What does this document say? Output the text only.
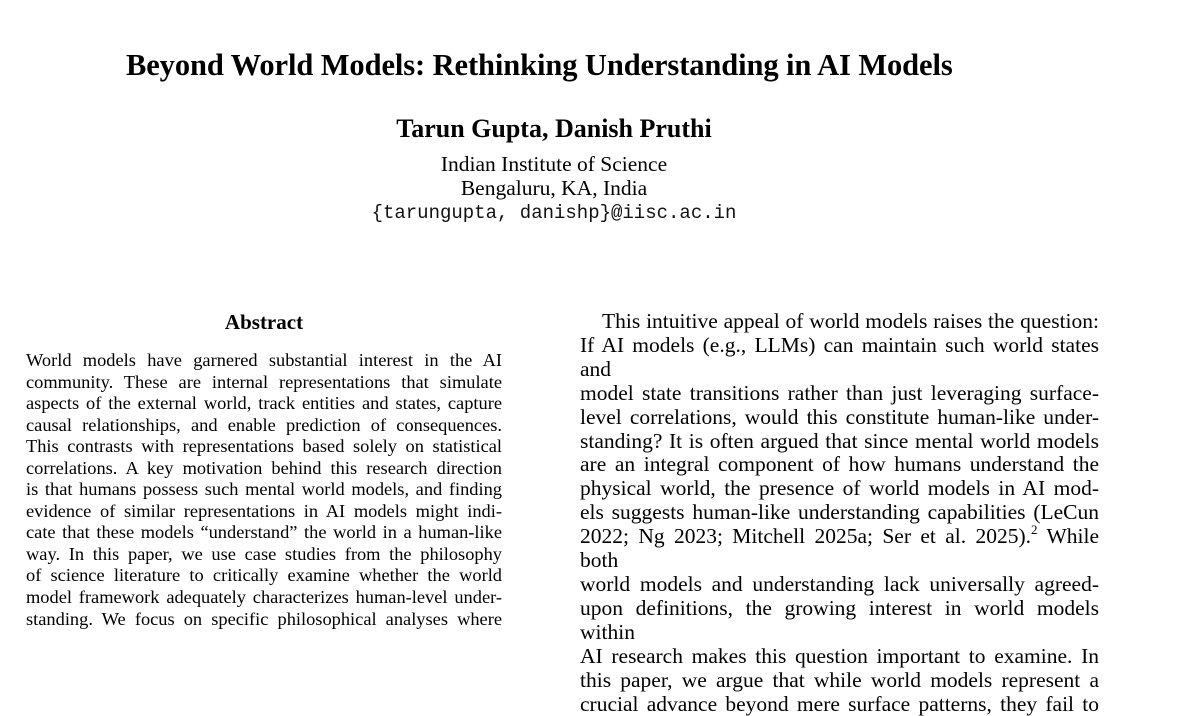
Beyond World Models: Rethinking Understanding in AI Models

Tarun Gupta, Danish Pruthi

Indian Institute of Science

Bengaluru, KA, India

{tarungupta, danishp}@iisc.ac.in

Abstract
World models have garnered substantial interest in the AI
community. These are internal representations that simulate
aspects of the external world, track entities and states, capture
causal relationships, and enable prediction of consequences.
This contrasts with representations based solely on statistical
correlations. A key motivation behind this research direction
is that humans possess such mental world models, and finding
evidence of similar representations in AI models might indi-
cate that these models “understand” the world in a human-like
way. In this paper, we use case studies from the philosophy
of science literature to critically examine whether the world
model framework adequately characterizes human-level under-
standing. We focus on specific philosophical analyses where
This intuitive appeal of world models raises the question:
If AI models (e.g., LLMs) can maintain such world states and
model state transitions rather than just leveraging surface-
level correlations, would this constitute human-like under-
standing? It is often argued that since mental world models
are an integral component of how humans understand the
physical world, the presence of world models in AI mod-
els suggests human-like understanding capabilities (LeCun
2022; Ng 2023; Mitchell 2025a; Ser et al. 2025).$^2$ While both
world models and understanding lack universally agreed-
upon definitions, the growing interest in world models within
AI research makes this question important to examine. In
this paper, we argue that while world models represent a
crucial advance beyond mere surface patterns, they fail to
